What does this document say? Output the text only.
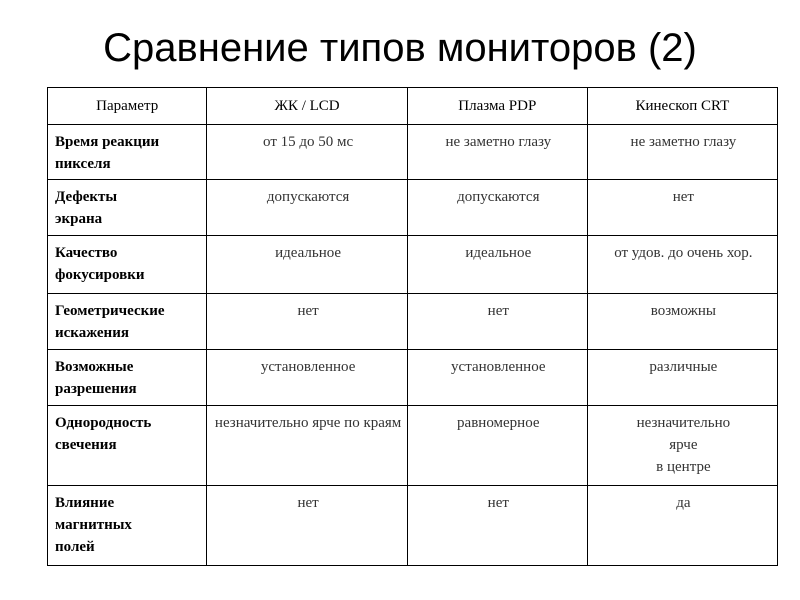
Сравнение типов мониторов (2)
Параметр	ЖК / LCD	Плазма PDP	Кинескоп CRT
Время реакции
пикселя	от 15 до 50 мс	не заметно глазу	не заметно глазу
Дефекты
экрана	допускаются	допускаются	нет
Качество
фокусировки	идеальное	идеальное	от удов. до очень хор.
Геометрические
искажения	нет	нет	возможны
Возможные
разрешения	установленное	установленное	различные
Однородность
свечения	незначительно ярче по краям	равномерное	незначительно
ярче
в центре
Влияние
магнитных
полей	нет	нет	да
